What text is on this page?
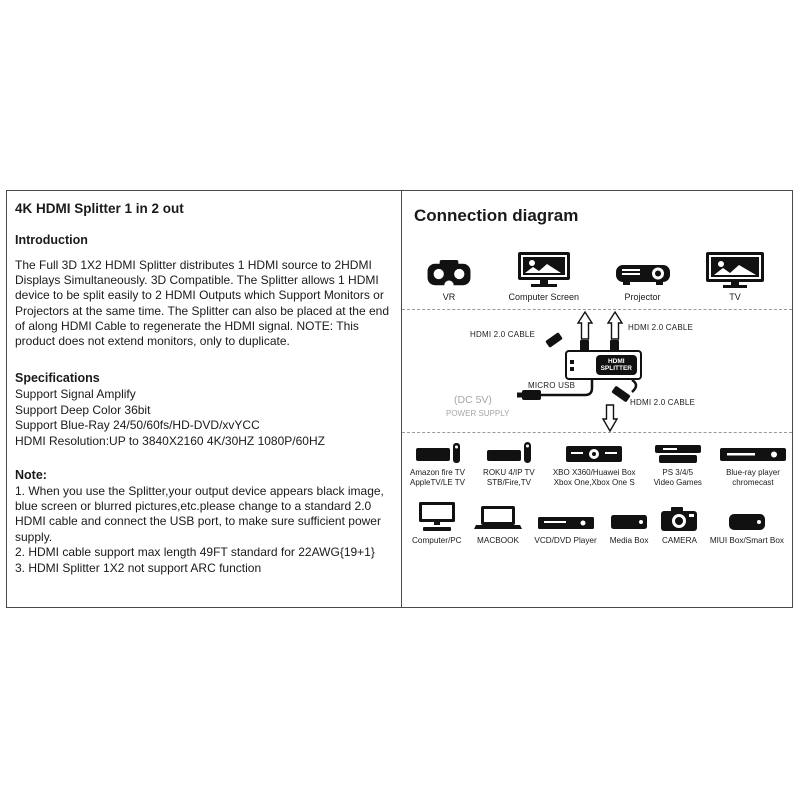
4K HDMI Splitter 1 in 2 out
Introduction

The Full 3D 1X2 HDMI Splitter distributes 1 HDMI source to 2HDMI Displays Simultaneously. 3D Compatible. The Splitter allows 1 HDMI device to be split easily to 2 HDMI Outputs which Support Monitors or Projectors at the same time. The Splitter can also be placed at the end of along HDMI Cable to regenerate the HDMI signal. NOTE: This product does not extend monitors, only to duplicate.

Specifications
Support Signal Amplify
Support Deep Color 36bit
Support Blue-Ray 24/50/60fs/HD-DVD/xvYCC
HDMI Resolution:UP to 3840X2160 4K/30HZ 1080P/60HZ
Note:
1. When you use the Splitter,your output device appears black image, blue screen or blurred pictures,etc.please change to a standard 2.0 HDMI cable and connect the USB port, to make sure sufficient power supply.
2. HDMI cable support max length 49FT standard for 22AWG{19+1}
3. HDMI Splitter 1X2 not support ARC function
Connection diagram
VR	Computer Screen	Projector	TV
HDMI 2.0 CABLE
HDMI 2.0 CABLE
HDMI
SPLITTER
MICRO USB
(DC 5V)
POWER SUPPLY
HDMI 2.0 CABLE
Amazon fire TV
AppleTV/LE TV
ROKU 4/IP TV
STB/Fire,TV
XBO X360/Huawei Box
Xbox One,Xbox One S
PS 3/4/5
Video Games
Blue-ray player
chromecast
Computer/PC MACBOOK VCD/DVD Player Media Box CAMERA MIUI Box/Smart Box
